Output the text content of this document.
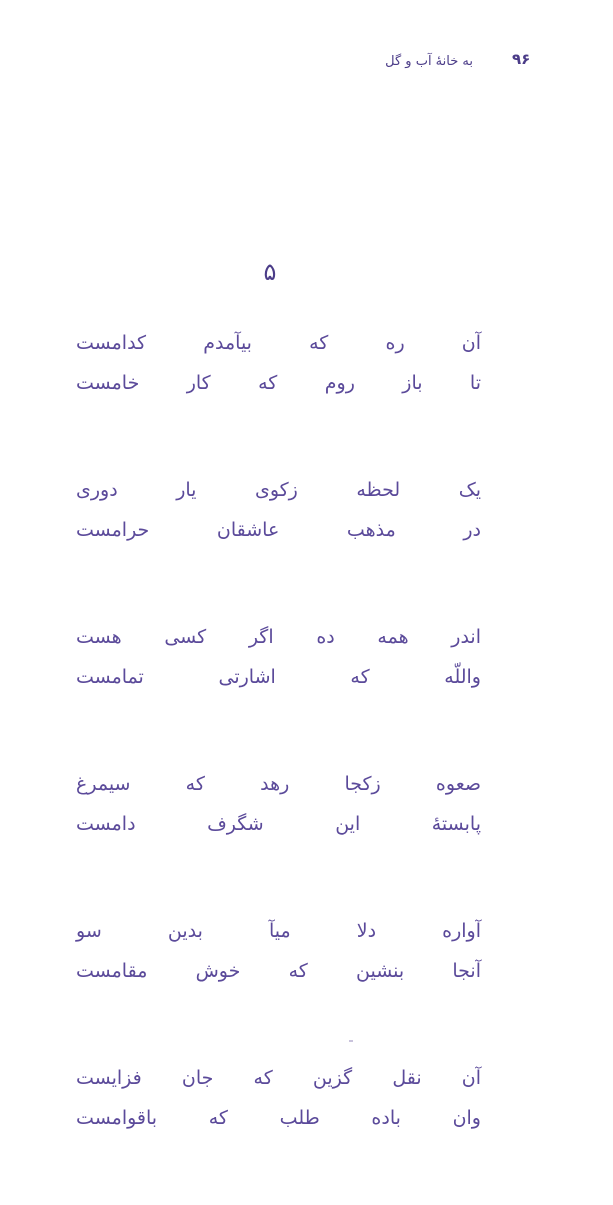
۹۶
به خانهٔ آب و گل
۵
آن
ره
که
بیآمدم
کدامست
تا
باز
روم
که
کار
خامست
یک
لحظه
زکوی
یار
دوری
در
مذهب
عاشقان
حرامست
اندر
همه
ده
اگر
کسی
هست
واللّه
که
اشارتی
تمامست
صعوه
زکجا
رهد
که
سیمرغ
پابستهٔ
این
شگرف
دامست
آواره
دلا
میآ
بدین
سو
آنجا
بنشین
که
خوش
مقامست
آن
نقل
گزین
که
جان
فزایست
وان
باده
طلب
که
باقوامست
